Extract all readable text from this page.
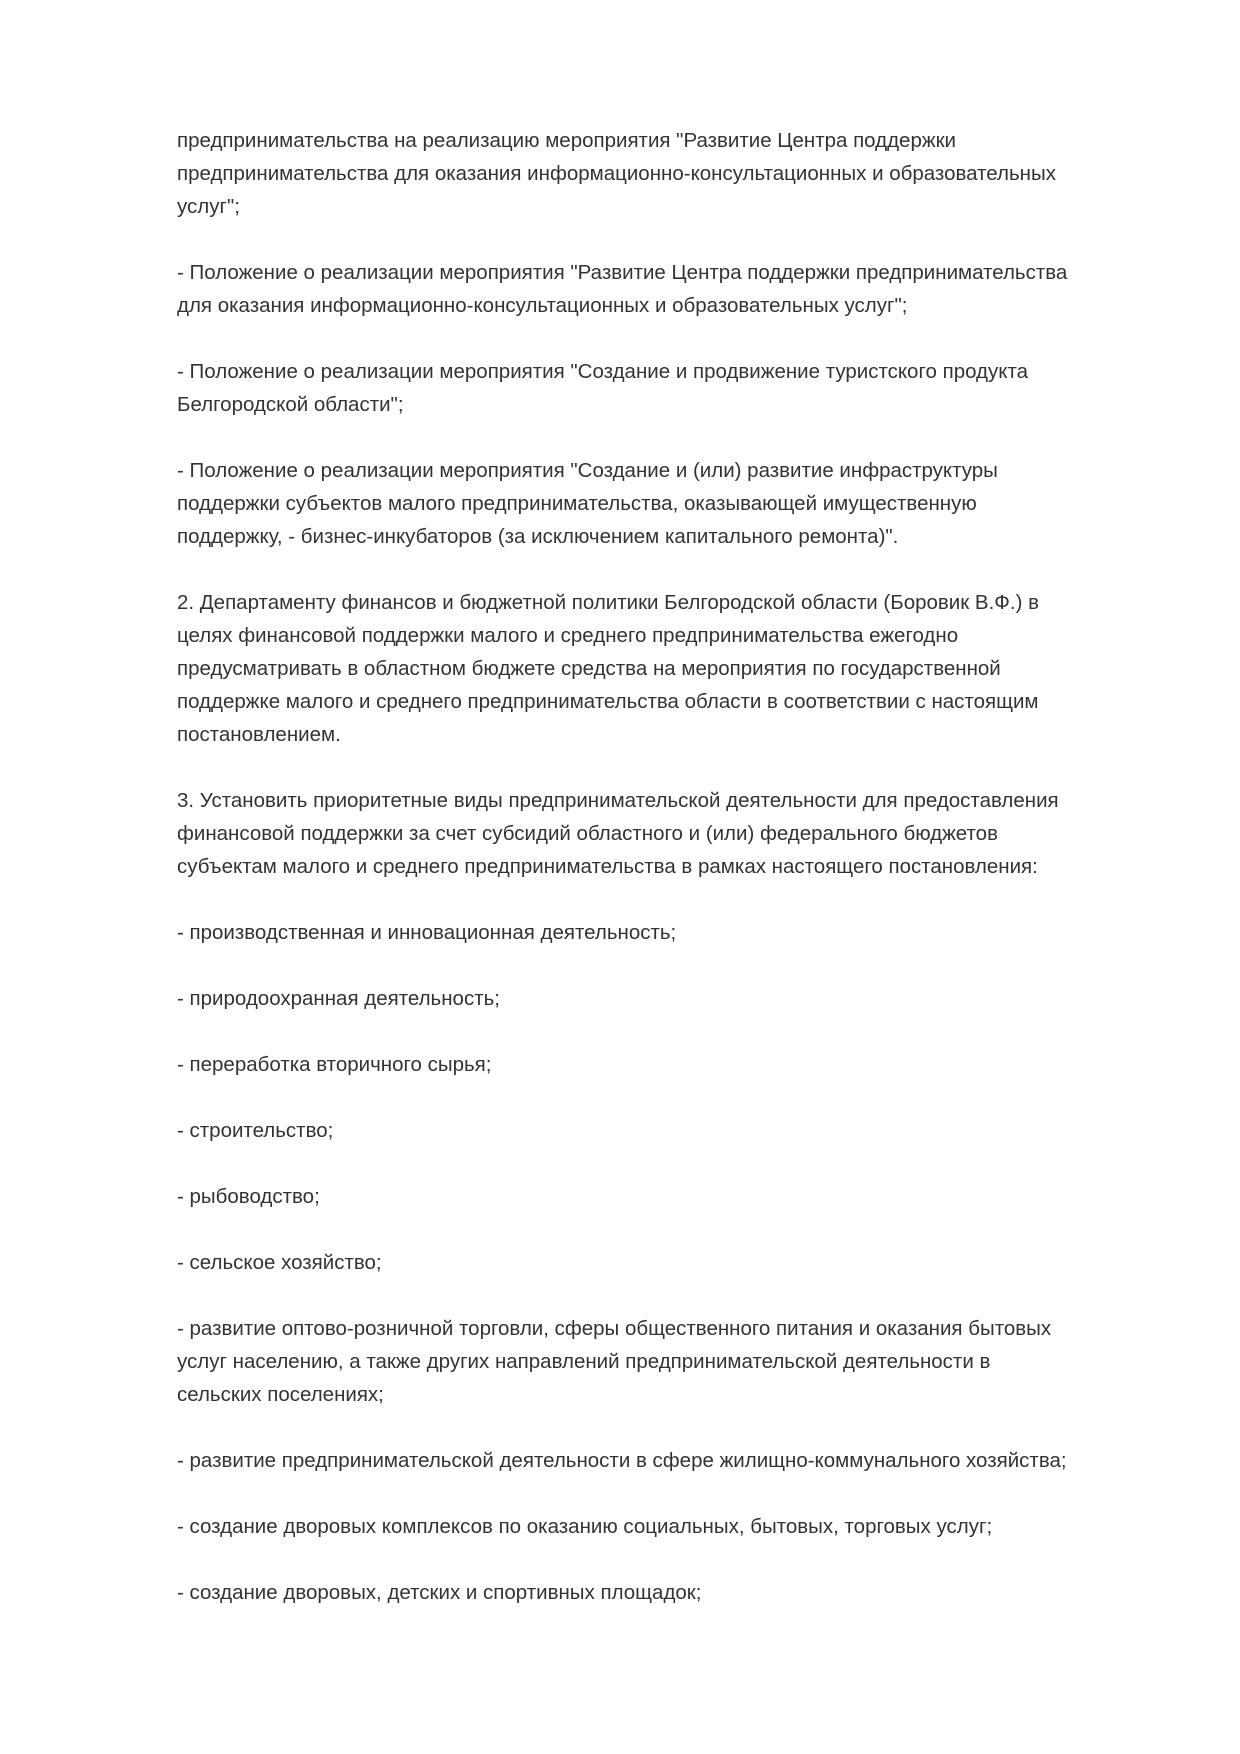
предпринимательства на реализацию мероприятия "Развитие Центра поддержки
предпринимательства для оказания информационно-консультационных и образовательных
услуг";

- Положение о реализации мероприятия "Развитие Центра поддержки предпринимательства
для оказания информационно-консультационных и образовательных услуг";

- Положение о реализации мероприятия "Создание и продвижение туристского продукта
Белгородской области";

- Положение о реализации мероприятия "Создание и (или) развитие инфраструктуры
поддержки субъектов малого предпринимательства, оказывающей имущественную
поддержку, - бизнес-инкубаторов (за исключением капитального ремонта)".

2. Департаменту финансов и бюджетной политики Белгородской области (Боровик В.Ф.) в
целях финансовой поддержки малого и среднего предпринимательства ежегодно
предусматривать в областном бюджете средства на мероприятия по государственной
поддержке малого и среднего предпринимательства области в соответствии с настоящим
постановлением.

3. Установить приоритетные виды предпринимательской деятельности для предоставления
финансовой поддержки за счет субсидий областного и (или) федерального бюджетов
субъектам малого и среднего предпринимательства в рамках настоящего постановления:

- производственная и инновационная деятельность;

- природоохранная деятельность;

- переработка вторичного сырья;

- строительство;

- рыбоводство;

- сельское хозяйство;

- развитие оптово-розничной торговли, сферы общественного питания и оказания бытовых
услуг населению, а также других направлений предпринимательской деятельности в
сельских поселениях;

- развитие предпринимательской деятельности в сфере жилищно-коммунального хозяйства;

- создание дворовых комплексов по оказанию социальных, бытовых, торговых услуг;

- создание дворовых, детских и спортивных площадок;
